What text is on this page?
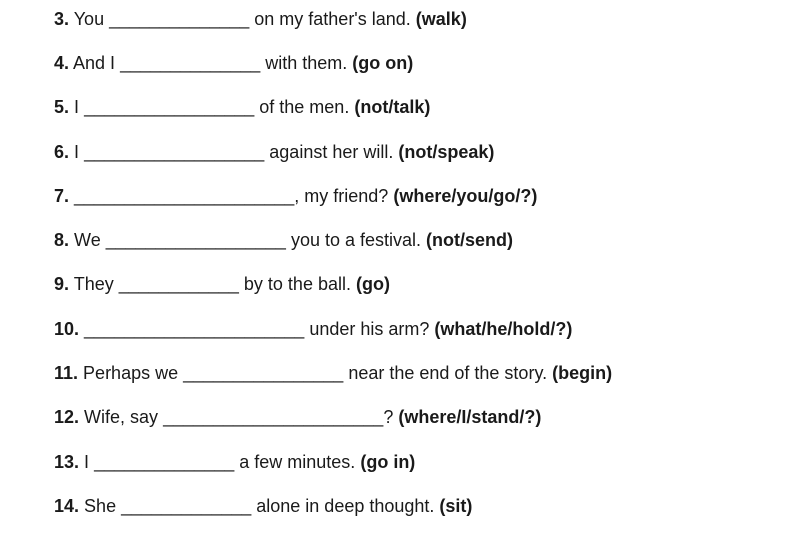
3. You ______________ on my father's land. (walk)
4. And I ______________ with them. (go on)
5. I _________________ of the men. (not/talk)
6. I __________________ against her will. (not/speak)
7. ______________________, my friend? (where/you/go/?)
8. We __________________ you to a festival. (not/send)
9. They ____________ by to the ball. (go)
10. ______________________ under his arm? (what/he/hold/?)
11. Perhaps we ________________ near the end of the story. (begin)
12. Wife, say ______________________? (where/I/stand/?)
13. I ______________ a few minutes. (go in)
14. She _____________ alone in deep thought. (sit)
